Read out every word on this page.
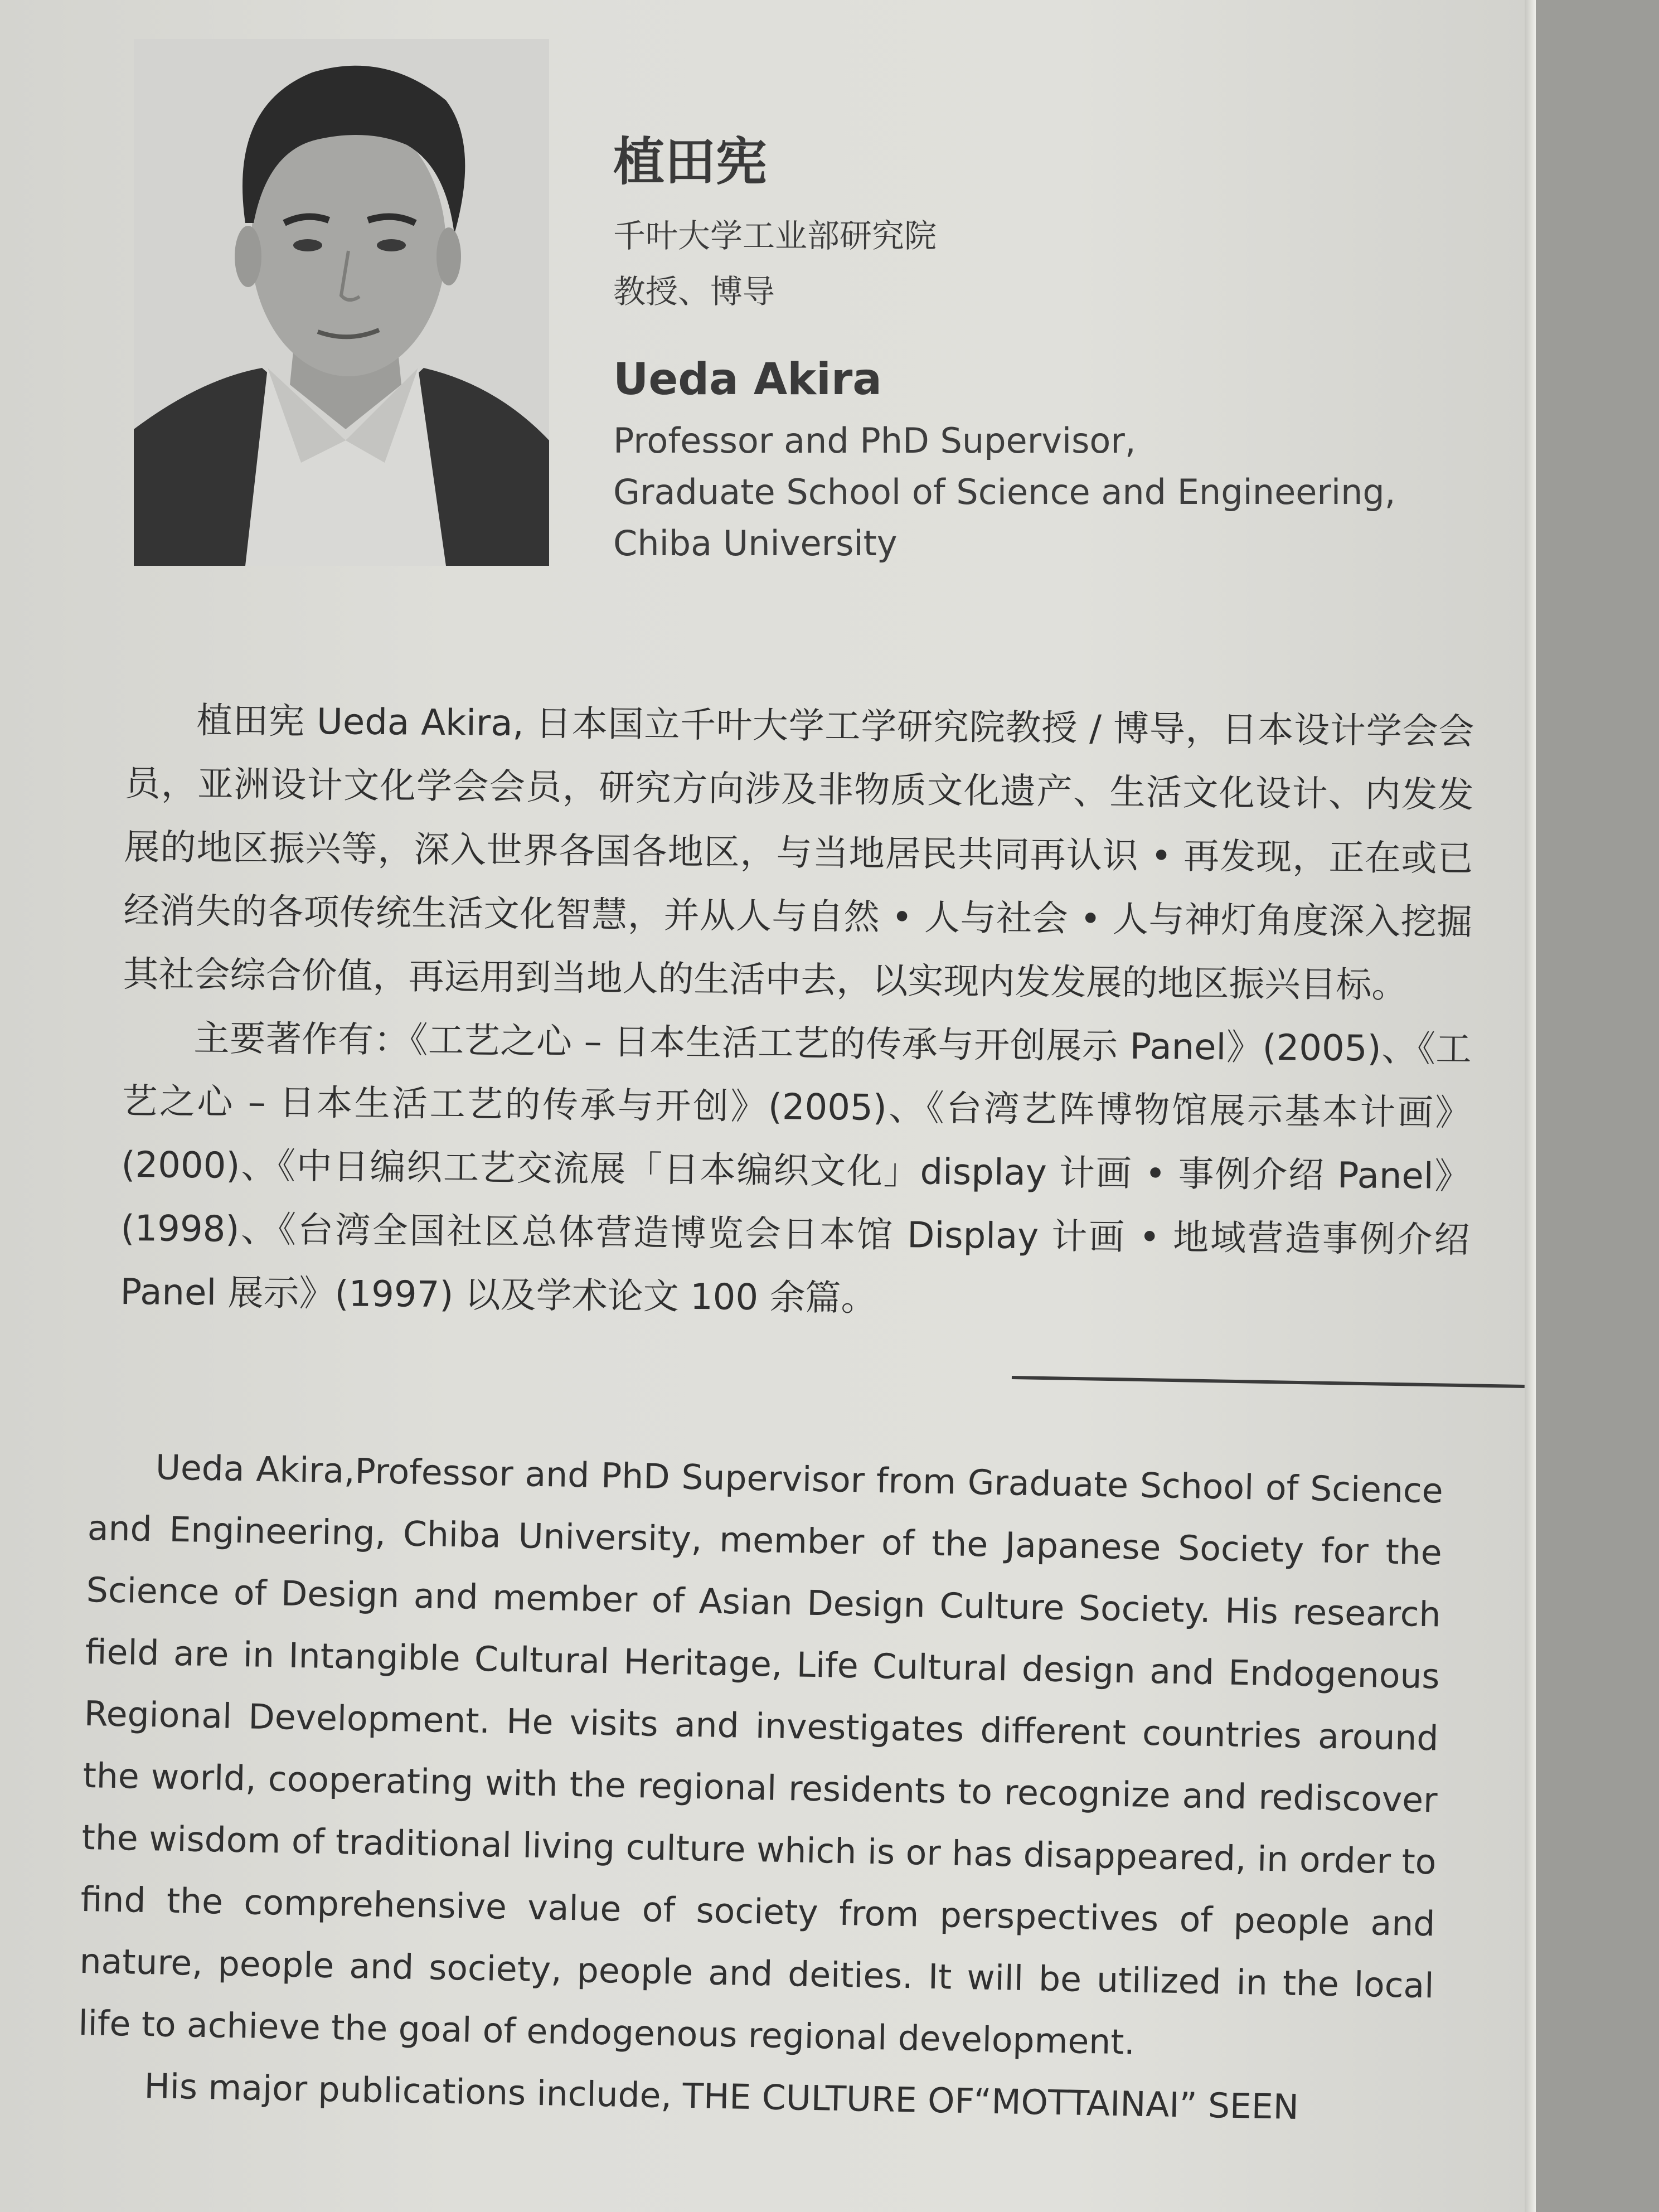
植田宪
千叶大学工业部研究院
教授、博导
Ueda Akira
Professor and PhD Supervisor,
Graduate School of Science and Engineering,
Chiba University

植田宪 Ueda Akira, 日本国立千叶大学工学研究院教授 / 博导，日本设计学会会员，亚洲设计文化学会会员，研究方向涉及非物质文化遗产、生活文化设计、内发发展的地区振兴等，深入世界各国各地区，与当地居民共同再认识 • 再发现，正在或已经消失的各项传统生活文化智慧，并从人与自然 • 人与社会 • 人与神灯角度深入挖掘其社会综合价值，再运用到当地人的生活中去，以实现内发发展的地区振兴目标。

主要著作有：《工艺之心 – 日本生活工艺的传承与开创展示 Panel》(2005)、《工艺之心 – 日本生活工艺的传承与开创》(2005)、《台湾艺阵博物馆展示基本计画》(2000)、《中日编织工艺交流展「日本编织文化」display 计画 • 事例介绍 Panel》(1998)、《台湾全国社区总体营造博览会日本馆 Display 计画 • 地域营造事例介绍 Panel 展示》(1997) 以及学术论文 100 余篇。

Ueda Akira,Professor and PhD Supervisor from Graduate School of Science and Engineering, Chiba University, member of the Japanese Society for the Science of Design and member of Asian Design Culture Society. His research field are in Intangible Cultural Heritage, Life Cultural design and Endogenous Regional Development. He visits and investigates different countries around the world, cooperating with the regional residents to recognize and rediscover the wisdom of traditional living culture which is or has disappeared, in order to find the comprehensive value of society from perspectives of people and nature, people and society, people and deities. It will be utilized in the local life to achieve the goal of endogenous regional development.

His major publications include, THE CULTURE OF“MOTTAINAI” SEEN
